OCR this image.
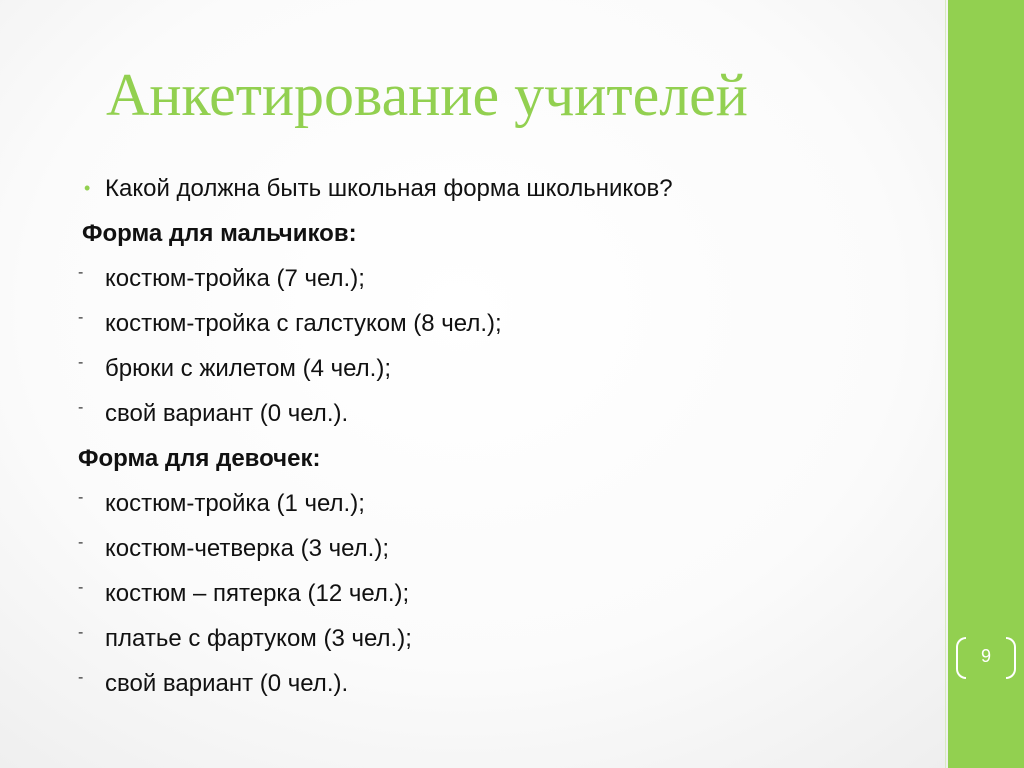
Анкетирование учителей
• Какой должна быть школьная форма школьников?
Форма для мальчиков:
- костюм-тройка (7 чел.);
- костюм-тройка с галстуком (8 чел.);
- брюки с жилетом (4 чел.);
- свой вариант (0 чел.).
Форма для девочек:
- костюм-тройка (1 чел.);
- костюм-четверка (3 чел.);
- костюм – пятерка (12 чел.);
- платье с фартуком (3 чел.);
- свой вариант (0 чел.).
9
